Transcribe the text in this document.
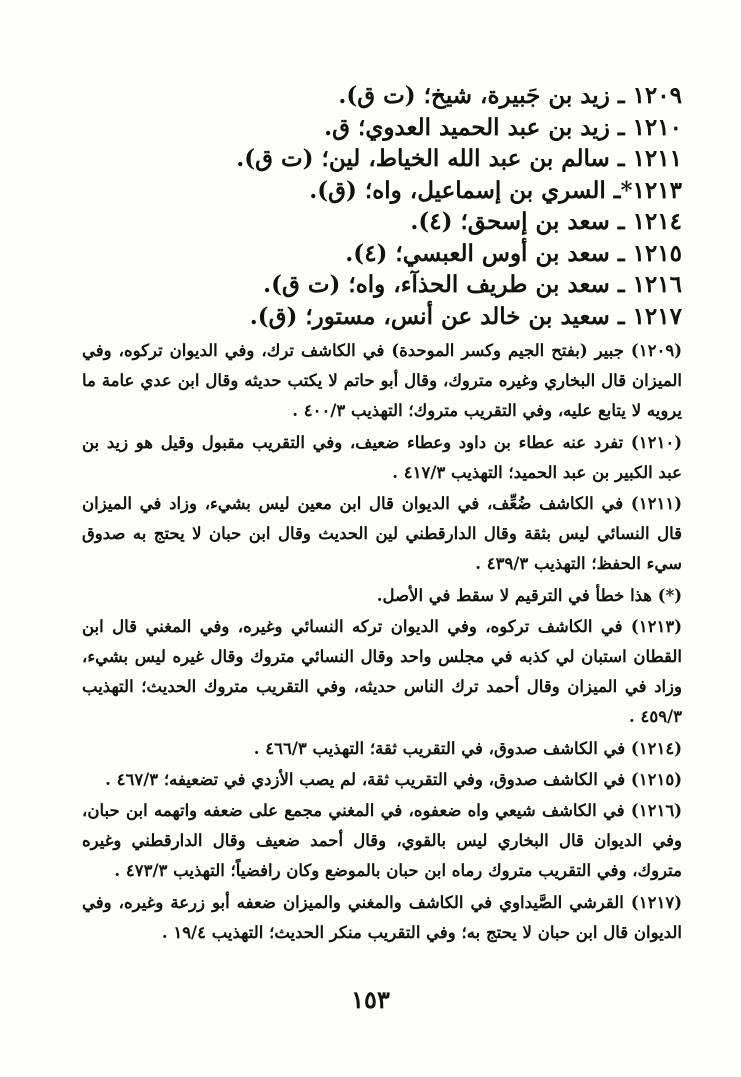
١٢٠٩ ـ زيد بن جَبيرة، شيخ؛ (ت ق).
١٢١٠ ـ زيد بن عبد الحميد العدوي؛ ق.
١٢١١ ـ سالم بن عبد الله الخياط، لين؛ (ت ق).
١٢١٣*ـ السري بن إسماعيل، واه؛ (ق).
١٢١٤ ـ سعد بن إسحق؛ (٤).
١٢١٥ ـ سعد بن أوس العبسي؛ (٤).
١٢١٦ ـ سعد بن طريف الحذآء، واه؛ (ت ق).
١٢١٧ ـ سعيد بن خالد عن أنس، مستور؛ (ق).

(١٢٠٩) جبير (بفتح الجيم وكسر الموحدة) في الكاشف ترك، وفي الديوان تركوه، وفي الميزان قال البخاري وغيره متروك، وقال أبو حاتم لا يكتب حديثه وقال ابن عدي عامة ما يرويه لا يتابع عليه، وفي التقريب متروك؛ التهذيب ٤٠٠/٣ .

(١٢١٠) تفرد عنه عطاء بن داود وعطاء ضعيف، وفي التقريب مقبول وقيل هو زيد بن عبد الكبير بن عبد الحميد؛ التهذيب ٤١٧/٣ .

(١٢١١) في الكاشف ضُعِّف، في الديوان قال ابن معين ليس بشيء، وزاد في الميزان قال النسائي ليس بثقة وقال الدارقطني لين الحديث وقال ابن حبان لا يحتج به صدوق سيء الحفظ؛ التهذيب ٤٣٩/٣ .

(*) هذا خطأ في الترقيم لا سقط في الأصل.

(١٢١٣) في الكاشف تركوه، وفي الديوان تركه النسائي وغيره، وفي المغني قال ابن القطان استبان لي كذبه في مجلس واحد وقال النسائي متروك وقال غيره ليس بشيء، وزاد في الميزان وقال أحمد ترك الناس حديثه، وفي التقريب متروك الحديث؛ التهذيب ٤٥٩/٣ .

(١٢١٤) في الكاشف صدوق، في التقريب ثقة؛ التهذيب ٤٦٦/٣ .

(١٢١٥) في الكاشف صدوق، وفي التقريب ثقة، لم يصب الأزدي في تضعيفه؛ ٤٦٧/٣ .

(١٢١٦) في الكاشف شيعي واه ضعفوه، في المغني مجمع على ضعفه واتهمه ابن حبان، وفي الديوان قال البخاري ليس بالقوي، وقال أحمد ضعيف وقال الدارقطني وغيره متروك، وفي التقريب متروك رماه ابن حبان بالموضع وكان رافضياً؛ التهذيب ٤٧٣/٣ .

(١٢١٧) القرشي الصَّيداوي في الكاشف والمغني والميزان ضعفه أبو زرعة وغيره، وفي الديوان قال ابن حبان لا يحتج به؛ وفي التقريب منكر الحديث؛ التهذيب ١٩/٤ .

١٥٣
